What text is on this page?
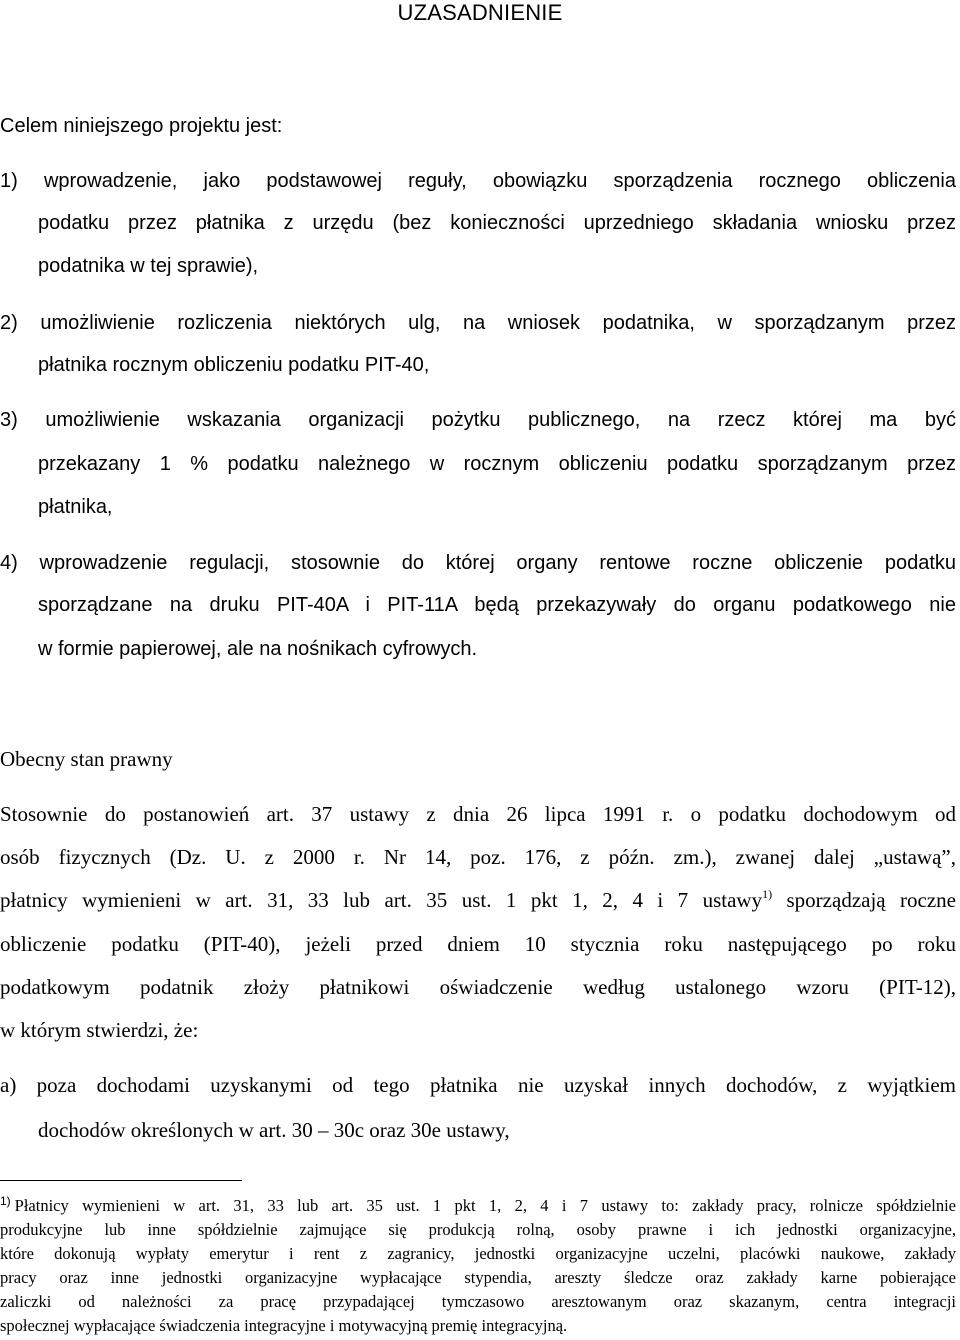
UZASADNIENIE

Celem niniejszego projektu jest:

1) wprowadzenie, jako podstawowej reguły, obowiązku sporządzenia rocznego obliczenia

podatku przez płatnika z urzędu (bez konieczności uprzedniego składania wniosku przez

podatnika w tej sprawie),

2) umożliwienie rozliczenia niektórych ulg, na wniosek podatnika, w sporządzanym przez

płatnika rocznym obliczeniu podatku PIT-40,

3) umożliwienie wskazania organizacji pożytku publicznego, na rzecz której ma być

przekazany 1 % podatku należnego w rocznym obliczeniu podatku sporządzanym przez

płatnika,

4) wprowadzenie regulacji, stosownie do której organy rentowe roczne obliczenie podatku

sporządzane na druku PIT-40A i PIT-11A będą przekazywały do organu podatkowego nie

w formie papierowej, ale na nośnikach cyfrowych.

Obecny stan prawny

Stosownie do postanowień art. 37 ustawy z dnia 26 lipca 1991 r. o podatku dochodowym od

osób fizycznych (Dz. U. z 2000 r. Nr 14, poz. 176, z późn. zm.), zwanej dalej „ustawą”,

płatnicy wymienieni w art. 31, 33 lub art. 35 ust. 1 pkt 1, 2, 4 i 7 ustawy$^{1)}$ sporządzają roczne

obliczenie podatku (PIT-40), jeżeli przed dniem 10 stycznia roku następującego po roku

podatkowym podatnik złoży płatnikowi oświadczenie według ustalonego wzoru (PIT-12),

w którym stwierdzi, że:

a) poza dochodami uzyskanymi od tego płatnika nie uzyskał innych dochodów, z wyjątkiem

dochodów określonych w art. 30 – 30c oraz 30e ustawy,

$^{1)}$ Płatnicy wymienieni w art. 31, 33 lub art. 35 ust. 1 pkt 1, 2, 4 i 7 ustawy to: zakłady pracy, rolnicze spółdzielnie

produkcyjne lub inne spółdzielnie zajmujące się produkcją rolną, osoby prawne i ich jednostki organizacyjne,

które dokonują wypłaty emerytur i rent z zagranicy, jednostki organizacyjne uczelni, placówki naukowe, zakłady

pracy oraz inne jednostki organizacyjne wypłacające stypendia, areszty śledcze oraz zakłady karne pobierające

zaliczki od należności za pracę przypadającej tymczasowo aresztowanym oraz skazanym, centra integracji

społecznej wypłacające świadczenia integracyjne i motywacyjną premię integracyjną.
